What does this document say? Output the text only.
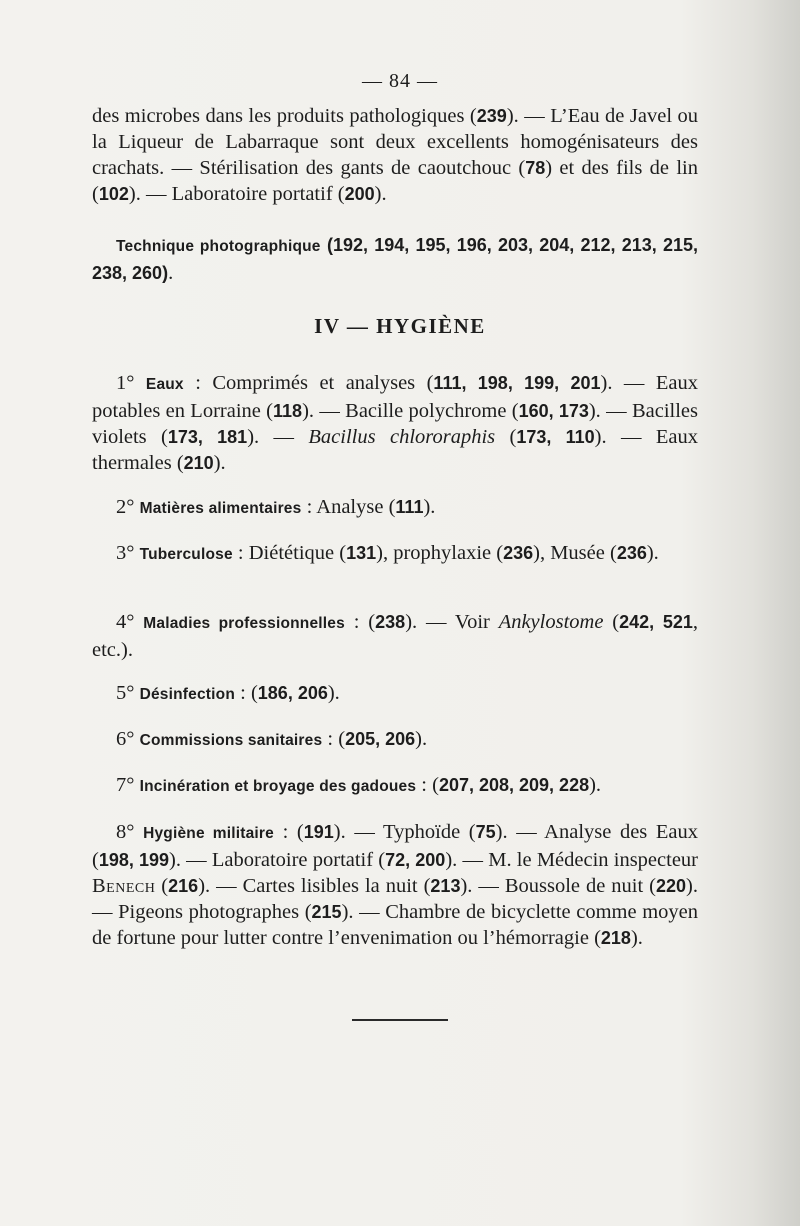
— 84 —

des microbes dans les produits pathologiques (239). — L’Eau de Javel ou la Liqueur de Labarraque sont deux excellents homogénisateurs des crachats. — Stérilisation des gants de caoutchouc (78) et des fils de lin (102). — Laboratoire portatif (200).

Technique photographique (192, 194, 195, 196, 203, 204, 212, 213, 215, 238, 260).

IV — HYGIÈNE

1° Eaux : Comprimés et analyses (111, 198, 199, 201). — Eaux potables en Lorraine (118). — Bacille polychrome (160, 173). — Bacilles violets (173, 181). — Bacillus chlororaphis (173, 110). — Eaux thermales (210).

2° Matières alimentaires : Analyse (111).

3° Tuberculose : Diététique (131), prophylaxie (236), Musée (236).

4° Maladies professionnelles : (238). — Voir Ankylostome (242, 521, etc.).

5° Désinfection : (186, 206).

6° Commissions sanitaires : (205, 206).

7° Incinération et broyage des gadoues : (207, 208, 209, 228).

8° Hygiène militaire : (191). — Typhoïde (75). — Analyse des Eaux (198, 199). — Laboratoire portatif (72, 200). — M. le Médecin inspecteur Benech (216). — Cartes lisibles la nuit (213). — Boussole de nuit (220). — Pigeons photographes (215). — Chambre de bicyclette comme moyen de fortune pour lutter contre l’envenimation ou l’hémorragie (218).
